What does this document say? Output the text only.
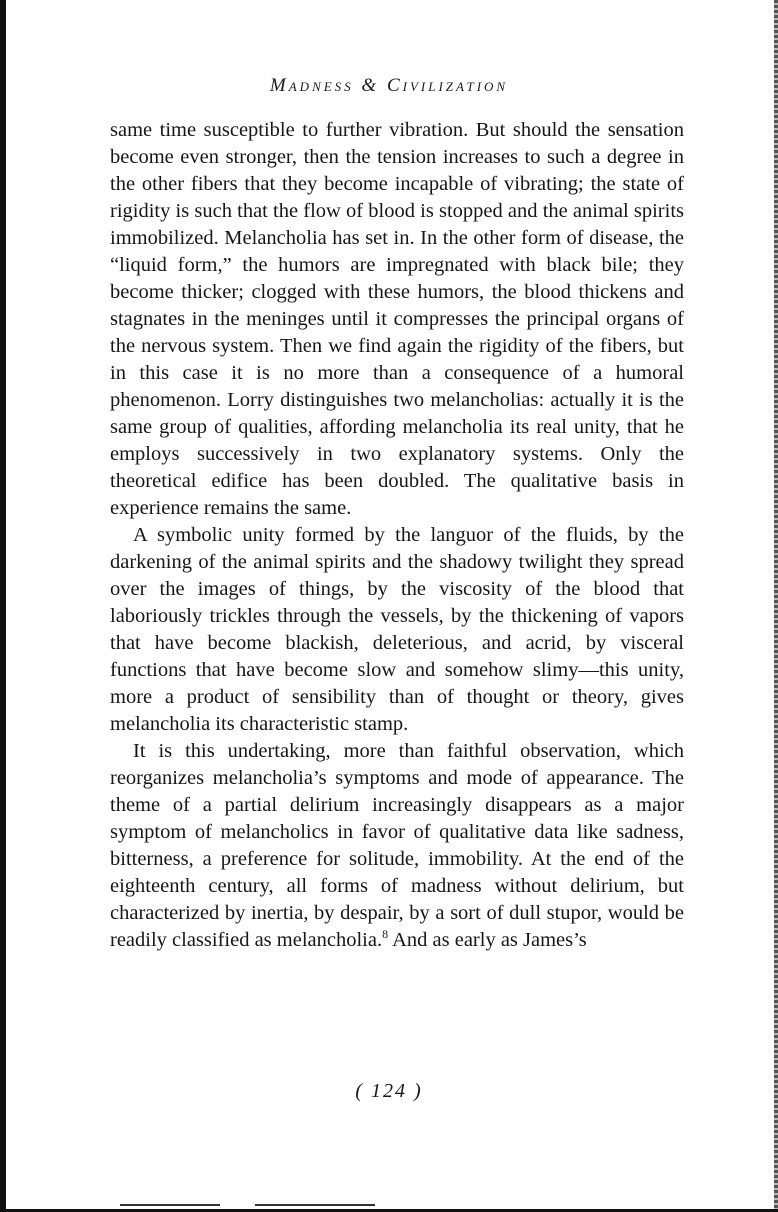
Madness & Civilization

same time susceptible to further vibration. But should the sensation become even stronger, then the tension increases to such a degree in the other fibers that they become incapable of vibrating; the state of rigidity is such that the flow of blood is stopped and the animal spirits immobilized. Melancholia has set in. In the other form of disease, the “liquid form,” the humors are impregnated with black bile; they become thicker; clogged with these humors, the blood thickens and stagnates in the meninges until it compresses the principal organs of the nervous system. Then we find again the rigidity of the fibers, but in this case it is no more than a consequence of a humoral phenomenon. Lorry distinguishes two melancholias: actually it is the same group of qualities, affording melancholia its real unity, that he employs successively in two explanatory systems. Only the theoretical edifice has been doubled. The qualitative basis in experience remains the same.

A symbolic unity formed by the languor of the fluids, by the darkening of the animal spirits and the shadowy twilight they spread over the images of things, by the viscosity of the blood that laboriously trickles through the vessels, by the thickening of vapors that have become blackish, deleterious, and acrid, by visceral functions that have become slow and somehow slimy—this unity, more a product of sensibility than of thought or theory, gives melancholia its characteristic stamp.

It is this undertaking, more than faithful observation, which reorganizes melancholia’s symptoms and mode of appearance. The theme of a partial delirium increasingly disappears as a major symptom of melancholics in favor of qualitative data like sadness, bitterness, a preference for solitude, immobility. At the end of the eighteenth century, all forms of madness without delirium, but characterized by inertia, by despair, by a sort of dull stupor, would be readily classified as melancholia.$^8$ And as early as James’s

( 124 )
